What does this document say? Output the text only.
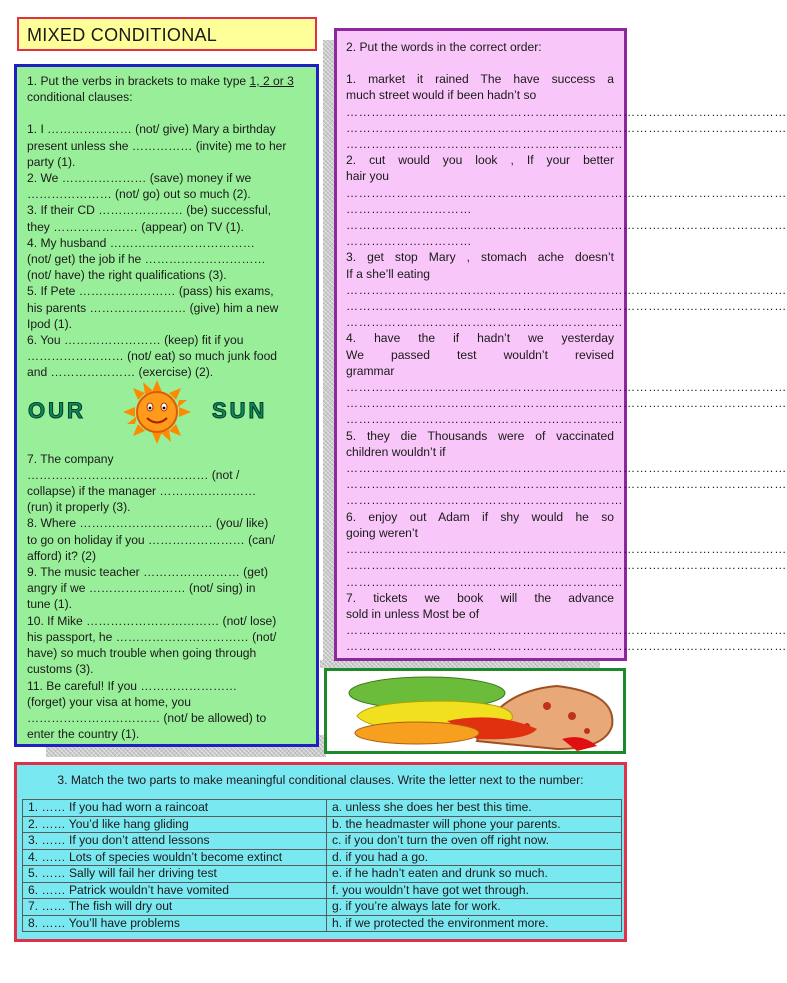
MIXED CONDITIONAL

1. Put the verbs in brackets to make type 1, 2 or 3 conditional clauses:

1. I ………………… (not/ give) Mary a birthday

present unless she …………… (invite) me to her

party (1).

2. We ………………… (save) money if we

………………… (not/ go) out so much (2).

3. If their CD ………………… (be) successful,

they ………………… (appear) on TV (1).

4. My husband ………………………………

(not/ get) the job if he …………………………

(not/ have) the right qualifications (3).

5. If Pete …………………… (pass) his exams,

his parents …………………… (give) him a new

Ipod (1).

6. You …………………… (keep) fit if you

…………………… (not/ eat) so much junk food

and ………………… (exercise) (2).

7. The company

……………………………………… (not /

collapse) if the manager ……………………

(run) it properly (3).

8. Where …………………………… (you/ like)

to go on holiday if you …………………… (can/

afford) it? (2)

9. The music teacher …………………… (get)

angry if we …………………… (not/ sing) in

tune (1).

10. If Mike …………………………… (not/ lose)

his passport, he …………………………… (not/

have) so much trouble when going through

customs (3).

11. Be careful! If you ……………………

(forget) your visa at home, you

…………………………… (not/ be allowed) to

enter the country (1).

OUR	SUN

2. Put the words in the correct order:

1. market it rained The have success a

much street would if been hadn’t so

……………………………………………………………………………………………

……………………………………………………………………………………………

…………………………………………………………

2. cut would you look , If your better

hair you

……………………………………………………………………………………………

…………………………

……………………………………………………………………………………………

…………………………

3. get stop Mary , stomach ache doesn’t

If a she’ll eating

……………………………………………………………………………………………

……………………………………………………………………………………………

…………………………………………………………

4. have the if hadn’t we yesterday

We passed test wouldn’t revised

grammar

……………………………………………………………………………………………

……………………………………………………………………………………………

…………………………………………………………

5. they die Thousands were of vaccinated

children wouldn’t if

……………………………………………………………………………………………

……………………………………………………………………………………………

…………………………………………………………

6. enjoy out Adam if shy would he so

going weren’t

……………………………………………………………………………………………

……………………………………………………………………………………………

…………………………………………………………

7. tickets we book will the advance

sold in unless Most be of

……………………………………………………………………………………………

……………………………………………………………………………………………

3. Match the two parts to make meaningful conditional clauses. Write the letter next to the number:

1. …… If you had worn a raincoat	a. unless she does her best this time.
2. …… You’d like hang gliding	b. the headmaster will phone your parents.
3. …… If you don’t attend lessons	c. if you don’t turn the oven off right now.
4. …… Lots of species wouldn’t become extinct	d. if you had a go.
5. …… Sally will fail her driving test	e. if he hadn’t eaten and drunk so much.
6. …… Patrick wouldn’t have vomited	f. you wouldn’t have got wet through.
7. …… The fish will dry out	g. if you’re always late for work.
8. …… You’ll have problems	h. if we protected the environment more.
